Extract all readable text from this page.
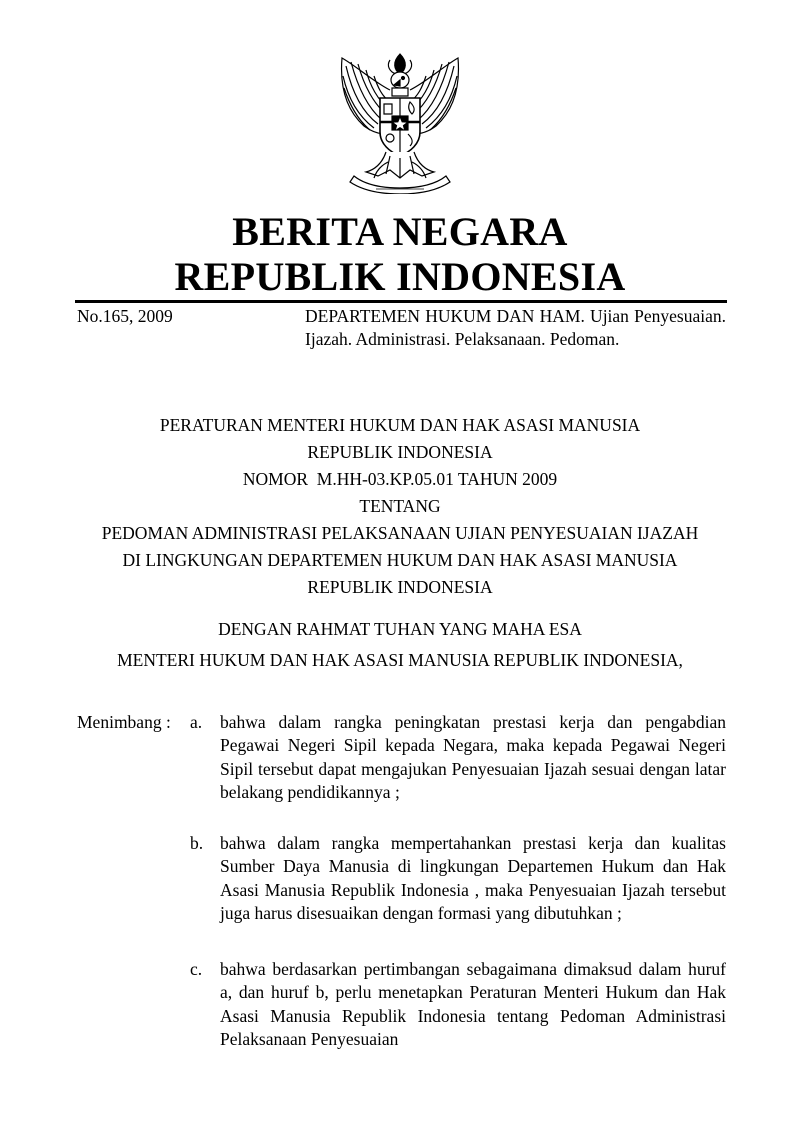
BERITA NEGARA
REPUBLIK INDONESIA
No.165, 2009	DEPARTEMEN HUKUM DAN HAM. Ujian Penyesuaian. Ijazah. Administrasi. Pelaksanaan. Pedoman.
PERATURAN MENTERI HUKUM DAN HAK ASASI MANUSIA
REPUBLIK INDONESIA
NOMOR  M.HH-03.KP.05.01 TAHUN 2009
TENTANG
PEDOMAN ADMINISTRASI PELAKSANAAN UJIAN PENYESUAIAN IJAZAH
DI LINGKUNGAN DEPARTEMEN HUKUM DAN HAK ASASI MANUSIA
REPUBLIK INDONESIA
DENGAN RAHMAT TUHAN YANG MAHA ESA
MENTERI HUKUM DAN HAK ASASI MANUSIA REPUBLIK INDONESIA,
Menimbang : a. bahwa dalam rangka peningkatan prestasi kerja dan pengabdian Pegawai Negeri Sipil kepada Negara, maka kepada Pegawai Negeri Sipil tersebut dapat mengajukan Penyesuaian Ijazah sesuai dengan latar belakang pendidikannya ;
b. bahwa dalam rangka mempertahankan prestasi kerja dan kualitas Sumber Daya Manusia di lingkungan Departemen Hukum dan Hak Asasi Manusia Republik Indonesia , maka Penyesuaian Ijazah tersebut juga harus disesuaikan dengan formasi yang dibutuhkan ;
c. bahwa berdasarkan pertimbangan sebagaimana dimaksud dalam huruf a, dan huruf b, perlu menetapkan Peraturan Menteri Hukum dan Hak Asasi Manusia Republik Indonesia tentang Pedoman Administrasi Pelaksanaan Penyesuaian
